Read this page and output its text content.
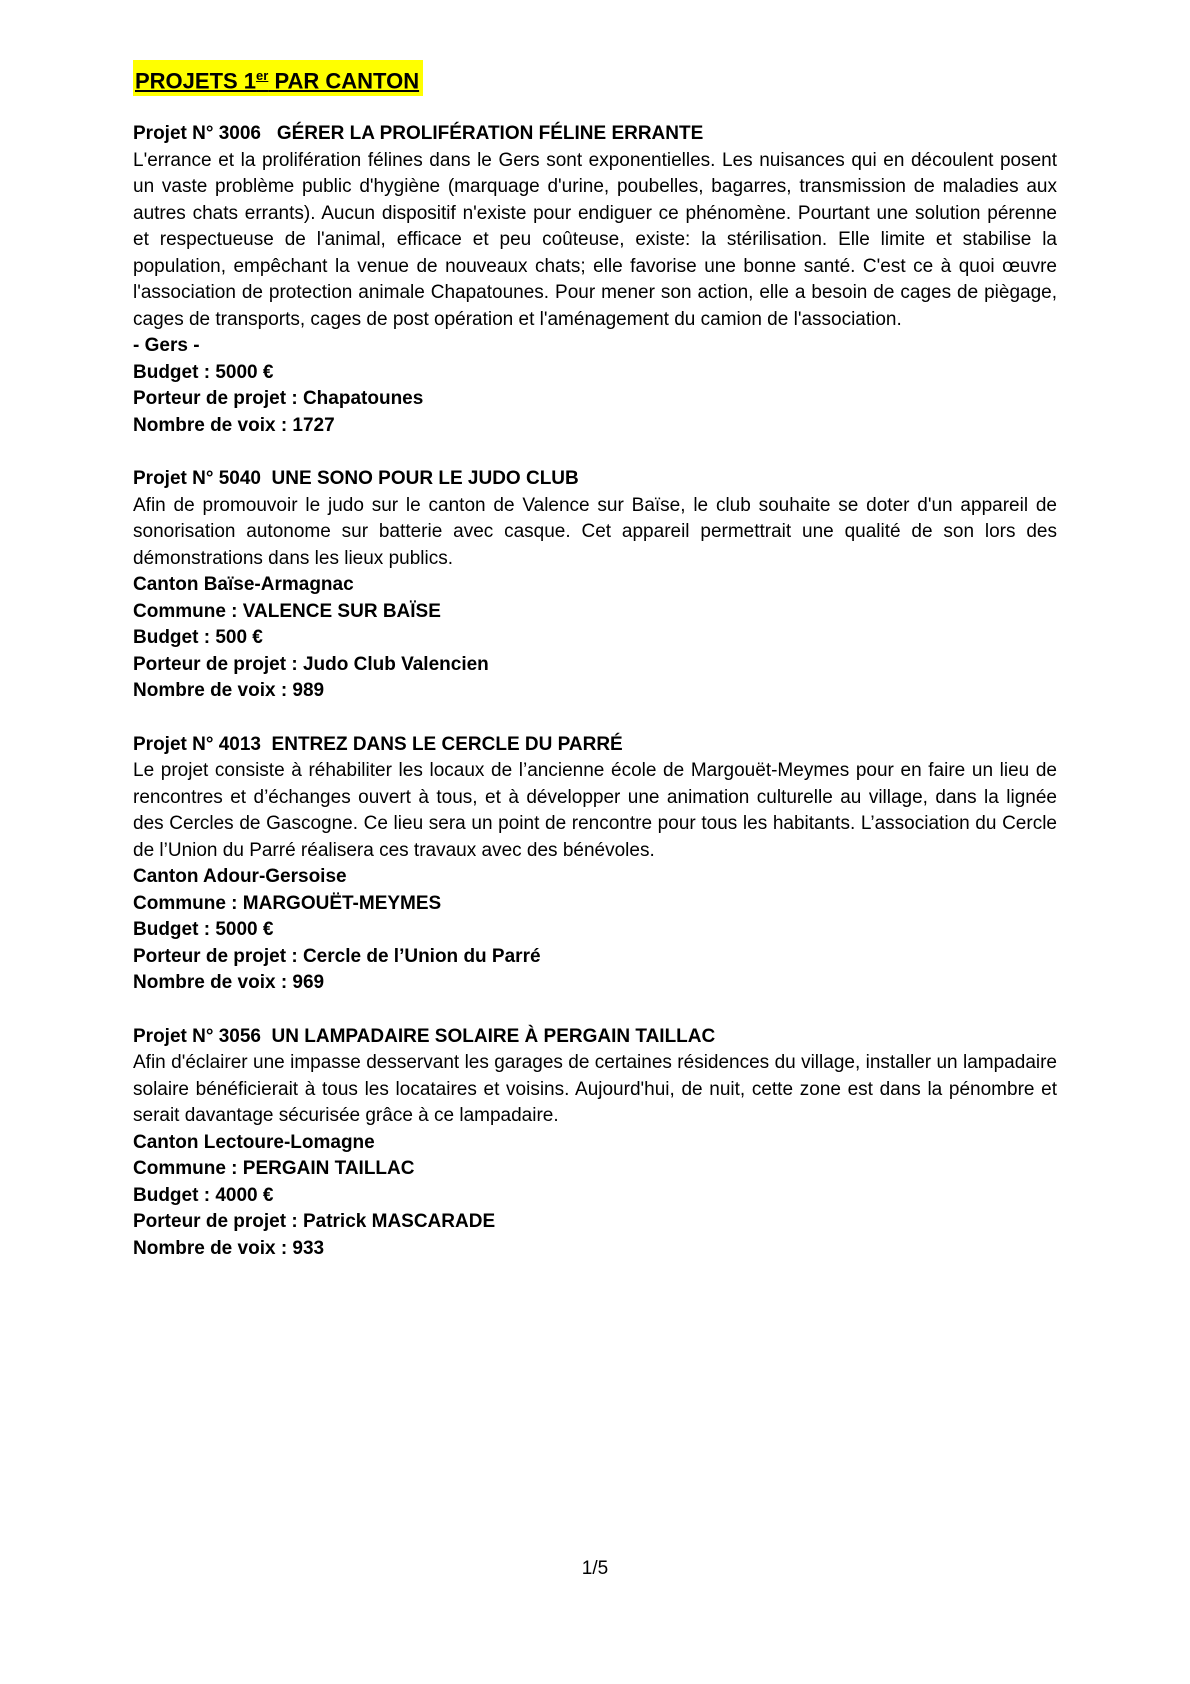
PROJETS 1er PAR CANTON
Projet N° 3006   GÉRER LA PROLIFÉRATION FÉLINE ERRANTE

L'errance et la prolifération félines dans le Gers sont exponentielles. Les nuisances qui en découlent posent un vaste problème public d'hygiène (marquage d'urine, poubelles, bagarres, transmission de maladies aux autres chats errants). Aucun dispositif n'existe pour endiguer ce phénomène. Pourtant une solution pérenne et respectueuse de l'animal, efficace et peu coûteuse, existe: la stérilisation. Elle limite et stabilise la population, empêchant la venue de nouveaux chats; elle favorise une bonne santé. C'est ce à quoi œuvre l'association de protection animale Chapatounes. Pour mener son action, elle a besoin de cages de piègage, cages de transports, cages de post opération et l'aménagement du camion de l'association.

- Gers -
Budget : 5000 €
Porteur de projet : Chapatounes
Nombre de voix : 1727
Projet N° 5040  UNE SONO POUR LE JUDO CLUB

Afin de promouvoir le judo sur le canton de Valence sur Baïse, le club souhaite se doter d'un appareil de sonorisation autonome sur batterie avec casque. Cet appareil permettrait une qualité de son lors des démonstrations dans les lieux publics.

Canton Baïse-Armagnac
Commune : VALENCE SUR BAÏSE
Budget : 500 €
Porteur de projet : Judo Club Valencien
Nombre de voix : 989
Projet N° 4013  ENTREZ DANS LE CERCLE DU PARRÉ

Le projet consiste à réhabiliter les locaux de l’ancienne école de Margouët-Meymes pour en faire un lieu de rencontres et d’échanges ouvert à tous, et à développer une animation culturelle au village, dans la lignée des Cercles de Gascogne. Ce lieu sera un point de rencontre pour tous les habitants. L’association du Cercle de l’Union du Parré réalisera ces travaux avec des bénévoles.

Canton Adour-Gersoise
Commune : MARGOUËT-MEYMES
Budget : 5000 €
Porteur de projet : Cercle de l’Union du Parré
Nombre de voix : 969
Projet N° 3056  UN LAMPADAIRE SOLAIRE À PERGAIN TAILLAC

Afin d'éclairer une impasse desservant les garages de certaines résidences du village, installer un lampadaire solaire bénéficierait à tous les locataires et voisins. Aujourd'hui, de nuit, cette zone est dans la pénombre et serait davantage sécurisée grâce à ce lampadaire.

Canton Lectoure-Lomagne
Commune : PERGAIN TAILLAC
Budget : 4000 €
Porteur de projet : Patrick MASCARADE
Nombre de voix : 933
1/5
